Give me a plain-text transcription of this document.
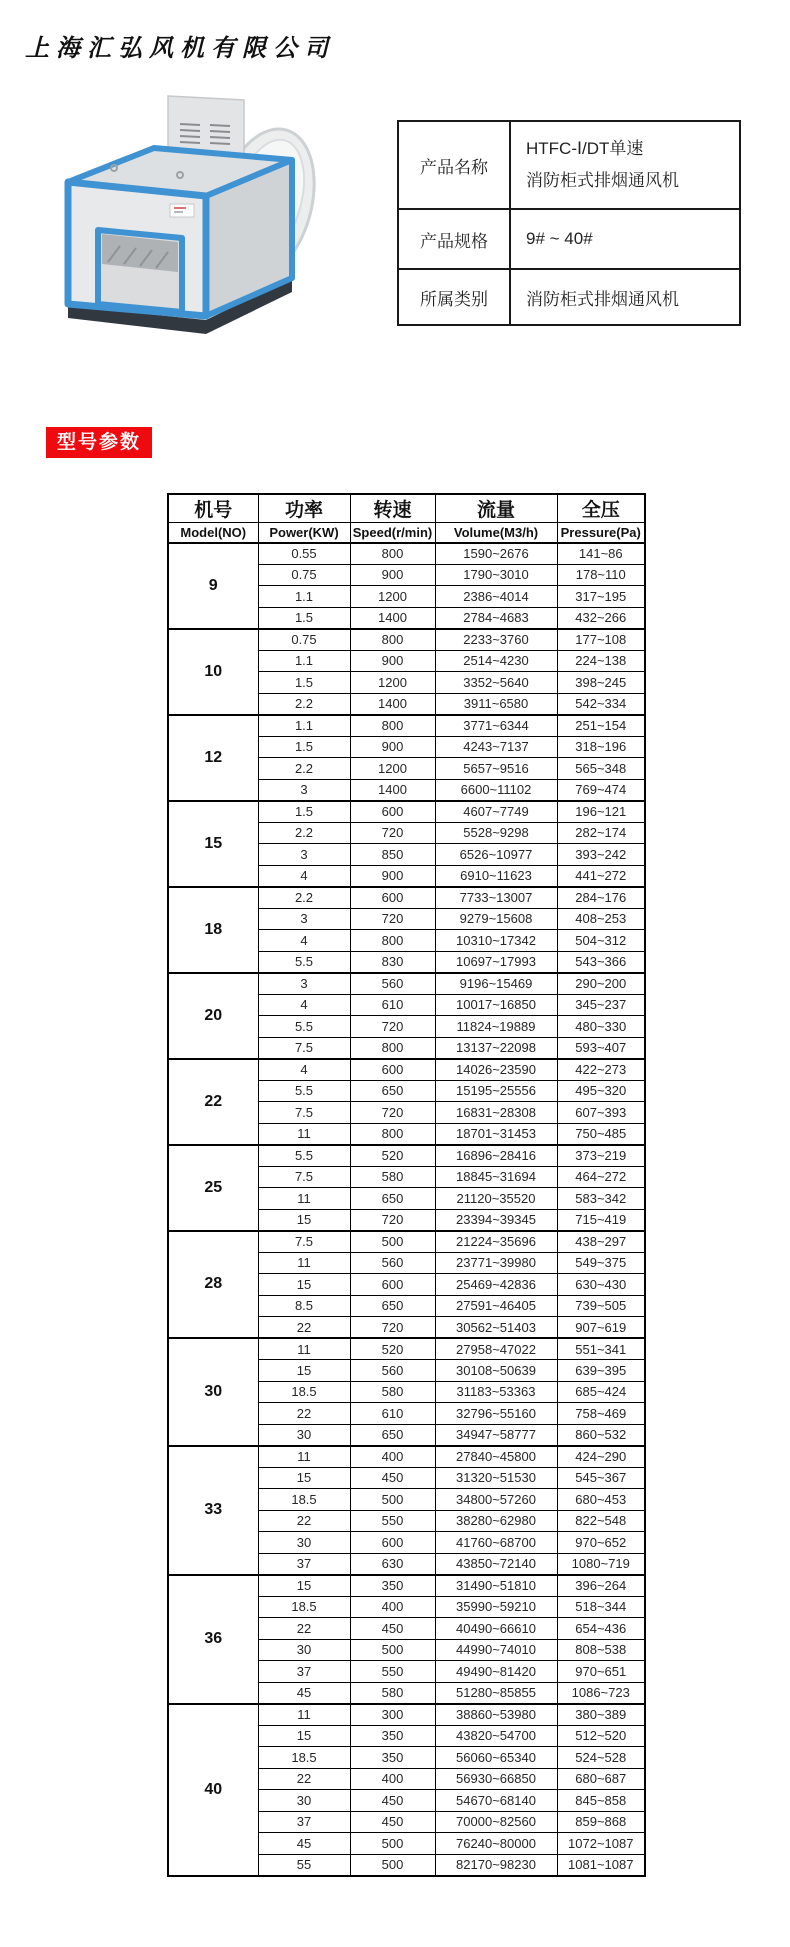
上海汇弘风机有限公司
产品名称	HTFC-Ⅰ/DT单速
消防柜式排烟通风机

产品规格	9# ~ 40#
所属类别	消防柜式排烟通风机
型号参数
机号	功率	转速	流量	全压
Model(NO)	Power(KW)	Speed(r/min)	Volume(M3/h)	Pressure(Pa)
9	0.55	800	1590~2676	141~86
	0.75	900	1790~3010	178~110
	1.1	1200	2386~4014	317~195
	1.5	1400	2784~4683	432~266
10	0.75	800	2233~3760	177~108
	1.1	900	2514~4230	224~138
	1.5	1200	3352~5640	398~245
	2.2	1400	3911~6580	542~334
12	1.1	800	3771~6344	251~154
	1.5	900	4243~7137	318~196
	2.2	1200	5657~9516	565~348
	3	1400	6600~11102	769~474
15	1.5	600	4607~7749	196~121
	2.2	720	5528~9298	282~174
	3	850	6526~10977	393~242
	4	900	6910~11623	441~272
18	2.2	600	7733~13007	284~176
	3	720	9279~15608	408~253
	4	800	10310~17342	504~312
	5.5	830	10697~17993	543~366
20	3	560	9196~15469	290~200
	4	610	10017~16850	345~237
	5.5	720	11824~19889	480~330
	7.5	800	13137~22098	593~407
22	4	600	14026~23590	422~273
	5.5	650	15195~25556	495~320
	7.5	720	16831~28308	607~393
	11	800	18701~31453	750~485
25	5.5	520	16896~28416	373~219
	7.5	580	18845~31694	464~272
	11	650	21120~35520	583~342
	15	720	23394~39345	715~419
28	7.5	500	21224~35696	438~297
	11	560	23771~39980	549~375
	15	600	25469~42836	630~430
	8.5	650	27591~46405	739~505
	22	720	30562~51403	907~619
30	11	520	27958~47022	551~341
	15	560	30108~50639	639~395
	18.5	580	31183~53363	685~424
	22	610	32796~55160	758~469
	30	650	34947~58777	860~532
33	11	400	27840~45800	424~290
	15	450	31320~51530	545~367
	18.5	500	34800~57260	680~453
	22	550	38280~62980	822~548
	30	600	41760~68700	970~652
	37	630	43850~72140	1080~719
36	15	350	31490~51810	396~264
	18.5	400	35990~59210	518~344
	22	450	40490~66610	654~436
	30	500	44990~74010	808~538
	37	550	49490~81420	970~651
	45	580	51280~85855	1086~723
40	11	300	38860~53980	380~389
	15	350	43820~54700	512~520
	18.5	350	56060~65340	524~528
	22	400	56930~66850	680~687
	30	450	54670~68140	845~858
	37	450	70000~82560	859~868
	45	500	76240~80000	1072~1087
	55	500	82170~98230	1081~1087
